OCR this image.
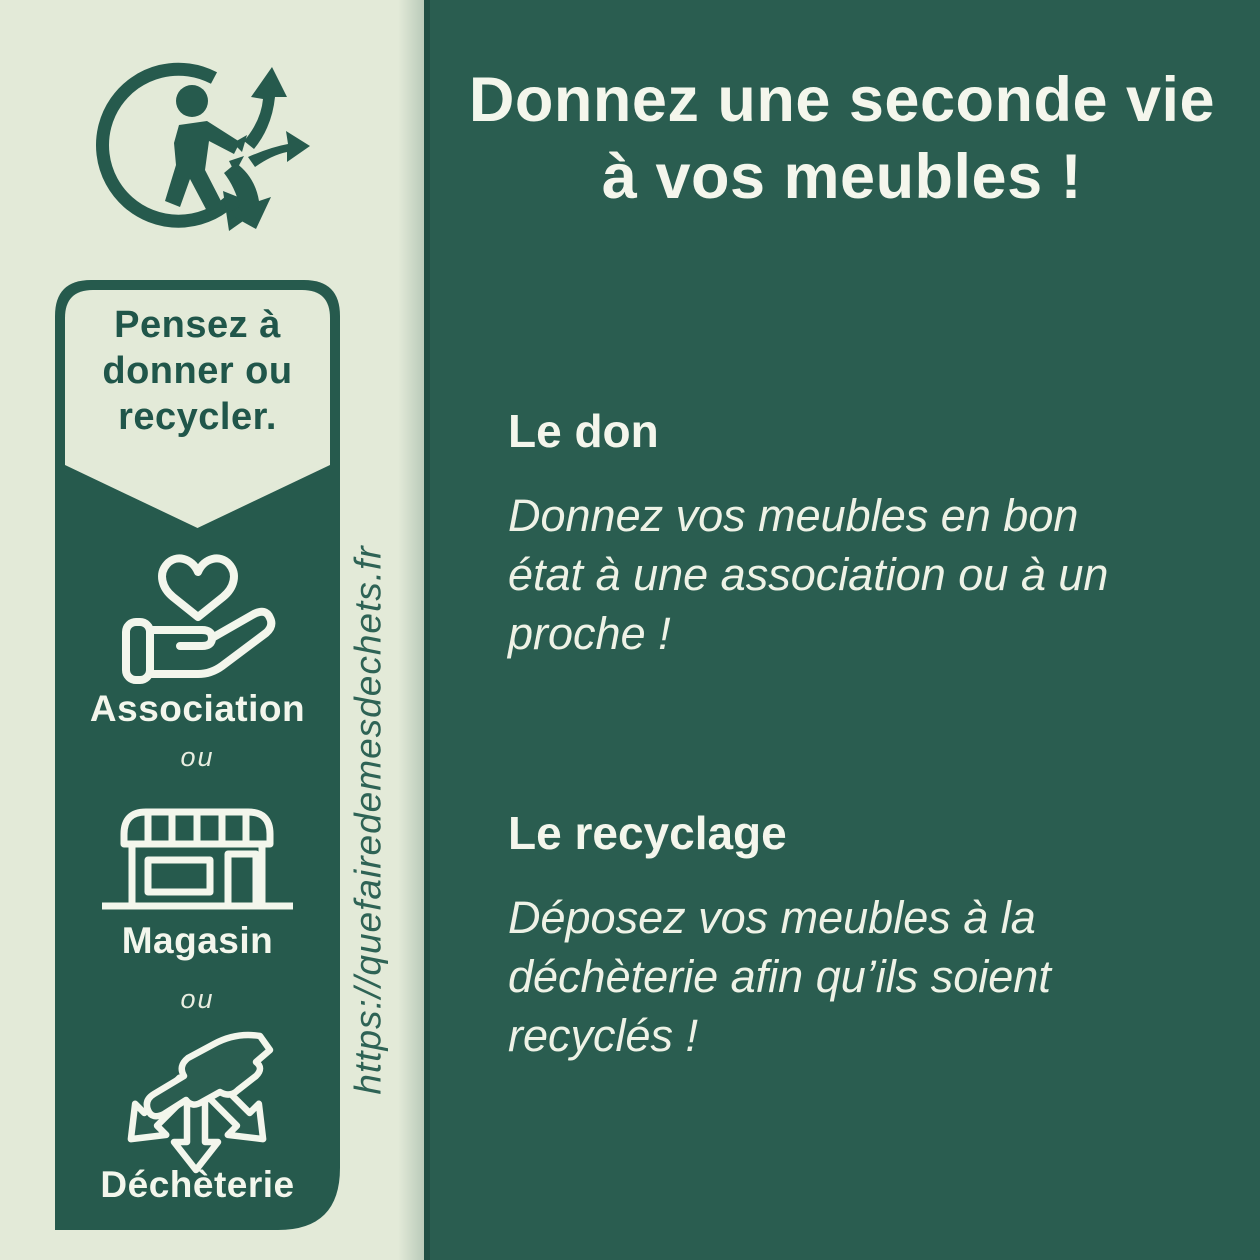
Pensez à
donner ou
recycler.
Association
ou
Magasin
ou
Déchèterie
https://quefairedemesdechets.fr
Donnez une seconde vie
à vos meubles !
Le don
Donnez vos meubles en bon
état à une association ou à un
proche !
Le recyclage
Déposez vos meubles à la
déchèterie afin qu’ils soient
recyclés !
